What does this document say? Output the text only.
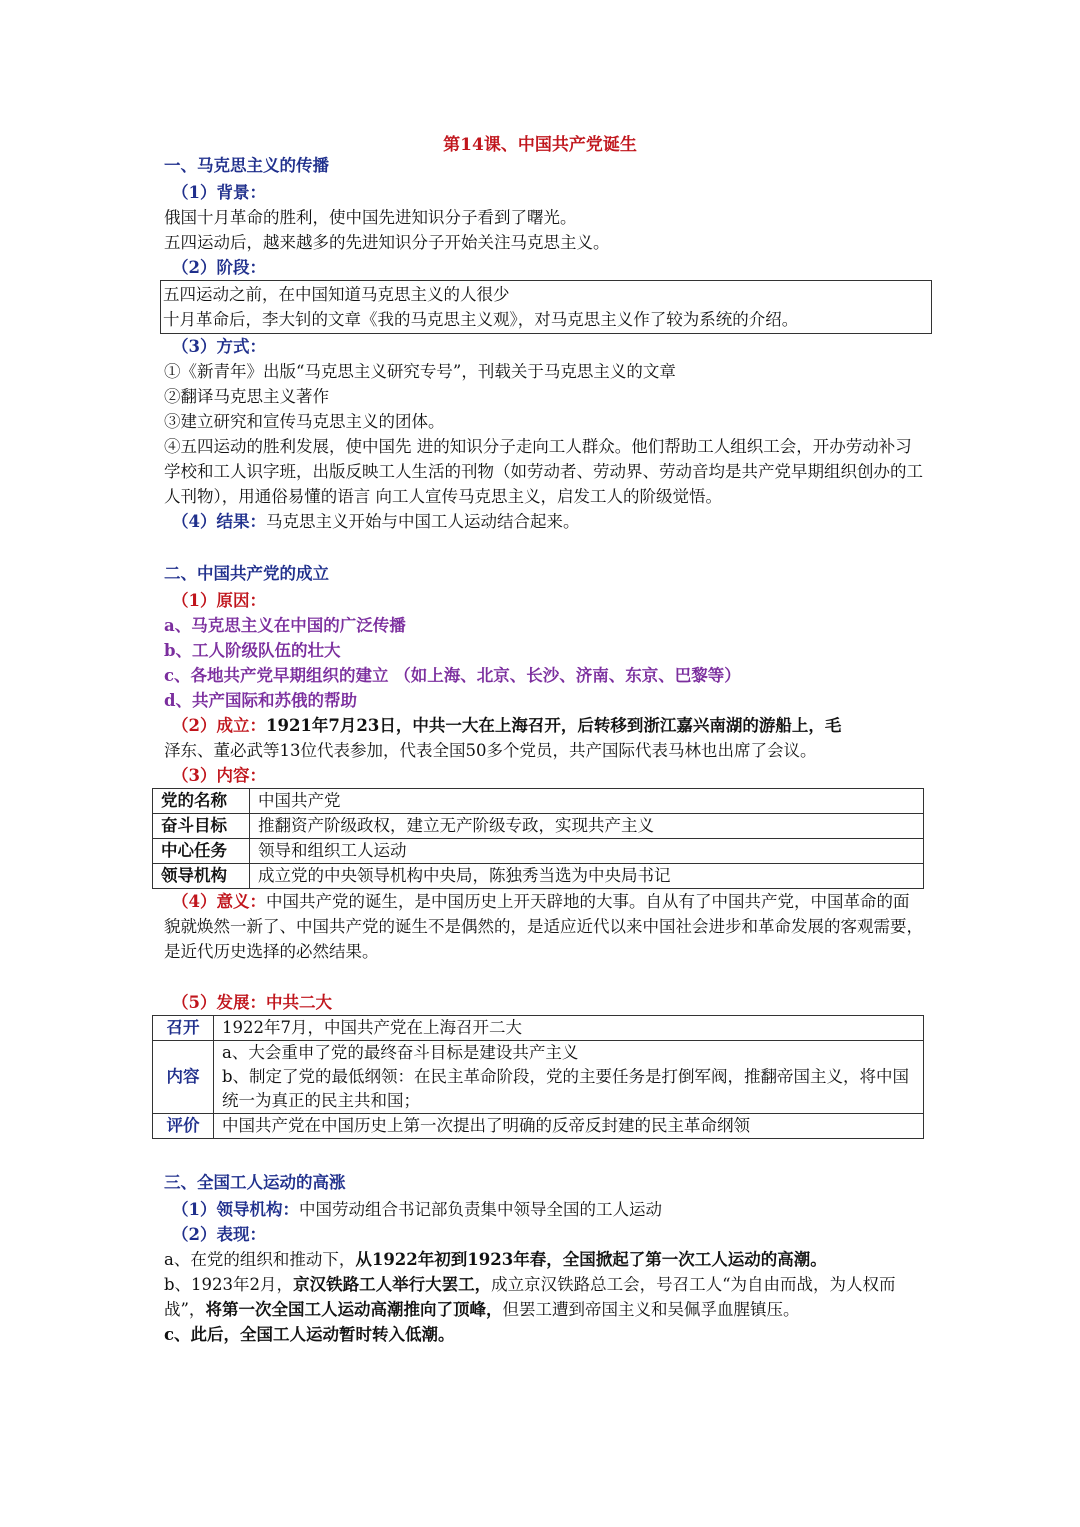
第14课、中国共产党诞生
一、马克思主义的传播
（1）背景：
俄国十月革命的胜利，使中国先进知识分子看到了曙光。
五四运动后，越来越多的先进知识分子开始关注马克思主义。
（2）阶段：
五四运动之前，在中国知道马克思主义的人很少
十月革命后，李大钊的文章《我的马克思主义观》，对马克思主义作了较为系统的介绍。
（3）方式：
①《新青年》出版“马克思主义研究专号”，刊载关于马克思主义的文章
②翻译马克思主义著作
③建立研究和宣传马克思主义的团体。
④五四运动的胜利发展，使中国先 进的知识分子走向工人群众。他们帮助工人组织工会，开办劳动补习学校和工人识字班，出版反映工人生活的刊物（如劳动者、劳动界、劳动音均是共产党早期组织创办的工人刊物），用通俗易懂的语言 向工人宣传马克思主义，启发工人的阶级觉悟。
（4）结果：马克思主义开始与中国工人运动结合起来。
二、中国共产党的成立
（1）原因：
a、马克思主义在中国的广泛传播
b、工人阶级队伍的壮大
c、各地共产党早期组织的建立 （如上海、北京、长沙、济南、东京、巴黎等）
d、共产国际和苏俄的帮助
（2）成立：1921年7月23日，中共一大在上海召开，后转移到浙江嘉兴南湖的游船上，毛
泽东、董必武等13位代表参加，代表全国50多个党员，共产国际代表马林也出席了会议。
（3）内容：
党的名称	中国共产党
奋斗目标	推翻资产阶级政权，建立无产阶级专政，实现共产主义
中心任务	领导和组织工人运动
领导机构	成立党的中央领导机构中央局，陈独秀当选为中央局书记
（4）意义：中国共产党的诞生，是中国历史上开天辟地的大事。自从有了中国共产党，中国革命的面貌就焕然一新了、中国共产党的诞生不是偶然的，是适应近代以来中国社会进步和革命发展的客观需要，是近代历史选择的必然结果。
（5）发展：中共二大
召开	1922年7月，中国共产党在上海召开二大
内容	a、大会重申了党的最终奋斗目标是建设共产主义
b、制定了党的最低纲领：在民主革命阶段，党的主要任务是打倒军阀，推翻帝国主义，将中国统一为真正的民主共和国；

评价	中国共产党在中国历史上第一次提出了明确的反帝反封建的民主革命纲领
三、全国工人运动的高涨
（1）领导机构：中国劳动组合书记部负责集中领导全国的工人运动
（2）表现：
a、在党的组织和推动下，从1922年初到1923年春，全国掀起了第一次工人运动的高潮。
b、1923年2月，京汉铁路工人举行大罢工，成立京汉铁路总工会，号召工人“为自由而战，为人权而战”，将第一次全国工人运动高潮推向了顶峰，但罢工遭到帝国主义和吴佩孚血腥镇压。
c、此后，全国工人运动暂时转入低潮。
